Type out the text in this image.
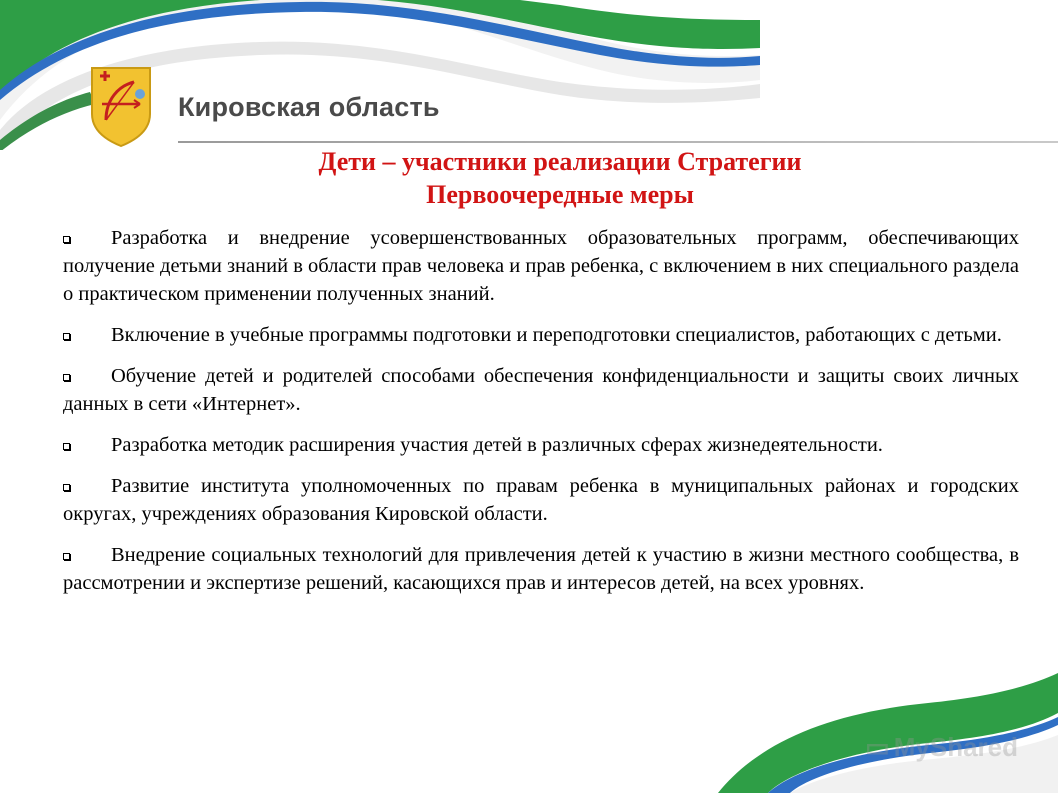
Кировская область
Дети – участники реализации Стратегии
Первоочередные меры
Разработка и внедрение усовершенствованных образовательных программ, обеспечивающих получение детьми знаний в области прав человека и прав ребенка, с включением в них специального раздела о практическом применении полученных знаний.
Включение в учебные программы подготовки и переподготовки специалистов, работающих с детьми.
Обучение детей и родителей способами обеспечения конфиденциальности и защиты своих личных данных в сети «Интернет».
Разработка методик расширения участия детей в различных сферах жизнедеятельности.
Развитие института уполномоченных по правам ребенка в муниципальных районах и городских округах, учреждениях образования Кировской области.
Внедрение социальных технологий для привлечения детей к участию в жизни местного сообщества, в рассмотрении и экспертизе решений, касающихся прав и интересов детей, на всех уровнях.
▭ MyShared
